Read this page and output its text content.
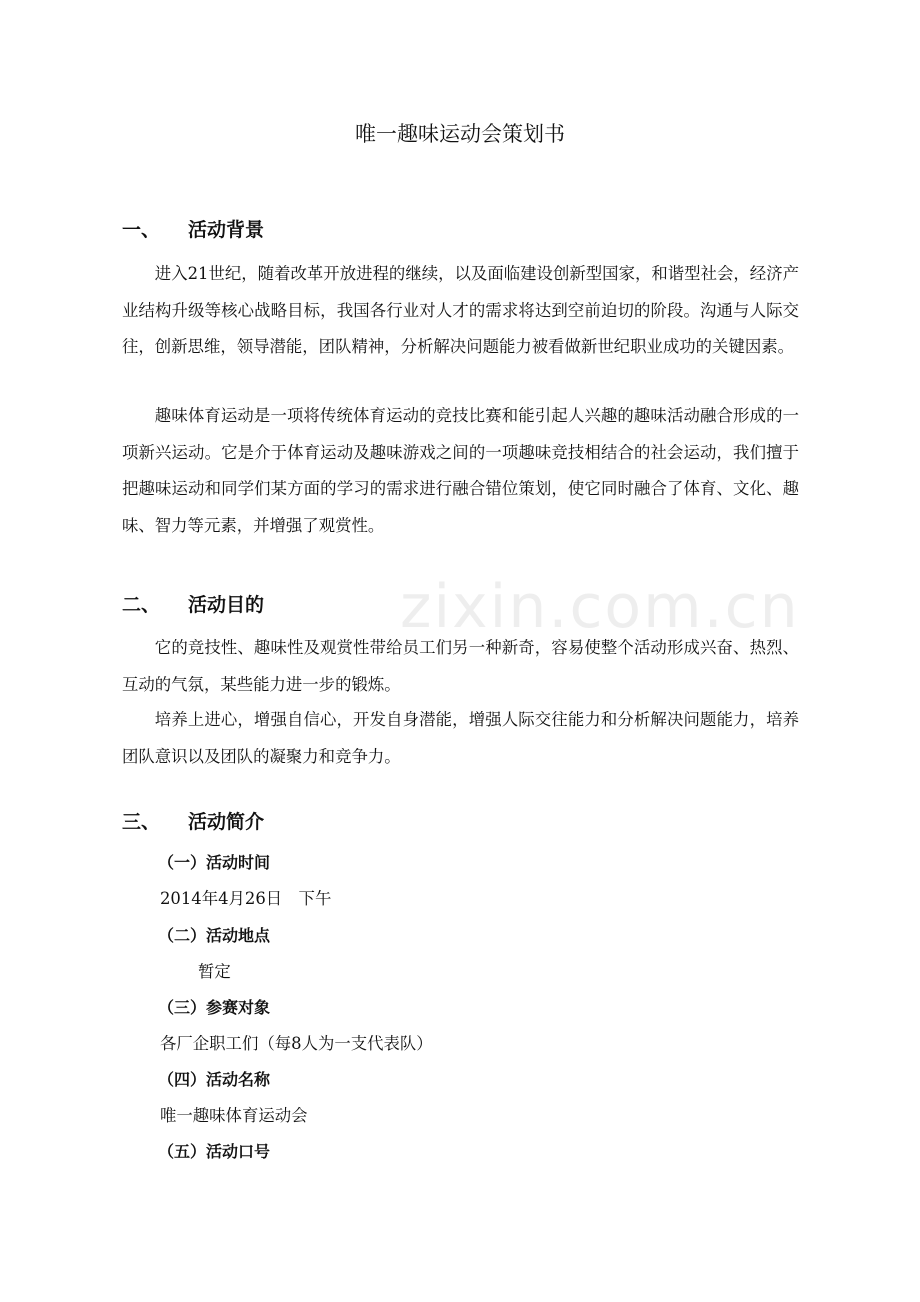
zixin.com.cn
唯一趣味运动会策划书
一、 活动背景

进入21世纪，随着改革开放进程的继续，以及面临建设创新型国家，和谐型社会，经济产业结构升级等核心战略目标，我国各行业对人才的需求将达到空前迫切的阶段。沟通与人际交往，创新思维，领导潜能，团队精神，分析解决问题能力被看做新世纪职业成功的关键因素。

趣味体育运动是一项将传统体育运动的竞技比赛和能引起人兴趣的趣味活动融合形成的一项新兴运动。它是介于体育运动及趣味游戏之间的一项趣味竞技相结合的社会运动，我们擅于把趣味运动和同学们某方面的学习的需求进行融合错位策划，使它同时融合了体育、文化、趣味、智力等元素，并增强了观赏性。

二、 活动目的

它的竞技性、趣味性及观赏性带给员工们另一种新奇，容易使整个活动形成兴奋、热烈、互动的气氛，某些能力进一步的锻炼。

培养上进心，增强自信心，开发自身潜能，增强人际交往能力和分析解决问题能力，培养团队意识以及团队的凝聚力和竞争力。

三、 活动简介
（一）活动时间
2014年4月26日　下午
（二）活动地点
暂定
（三）参赛对象
各厂企职工们（每8人为一支代表队）
（四）活动名称
唯一趣味体育运动会
（五）活动口号
